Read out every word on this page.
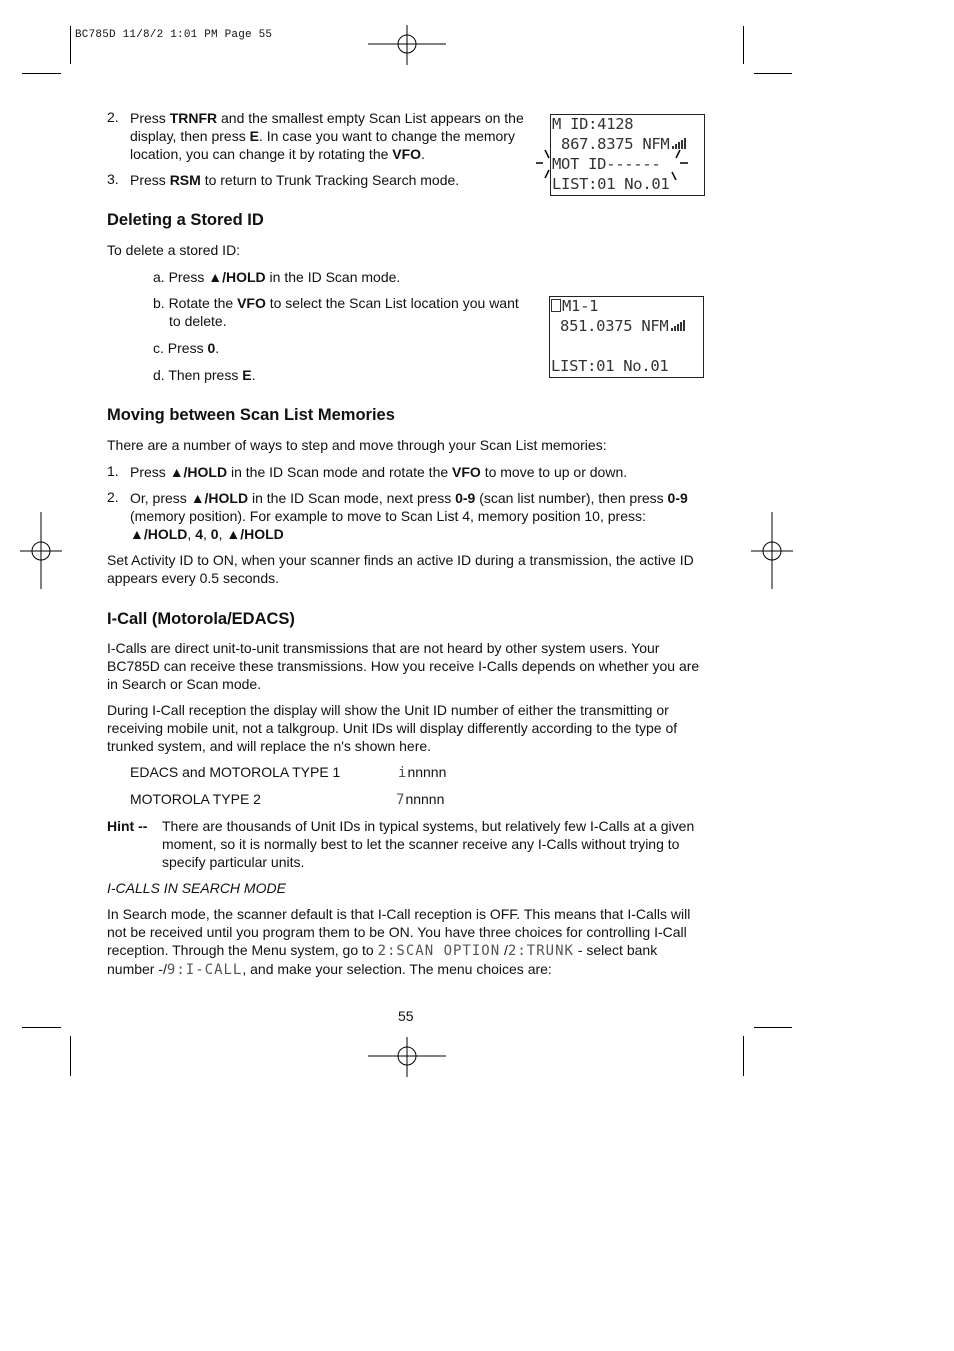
BC785D 11/8/2 1:01 PM Page 55
2. Press TRNFR and the smallest empty Scan List appears on the display, then press E. In case you want to change the memory location, you can change it by rotating the VFO.
3. Press RSM to return to Trunk Tracking Search mode.
M ID:4128
867.8375 NFM
MOT ID------
LIST:01 No.01
Deleting a Stored ID
To delete a stored ID:
a. Press ▲/HOLD in the ID Scan mode.
b. Rotate the VFO to select the Scan List location you want to delete.
c. Press 0.
d. Then press E.
M1-1
851.0375 NFM
LIST:01 No.01
Moving between Scan List Memories
There are a number of ways to step and move through your Scan List memories:
1. Press ▲/HOLD in the ID Scan mode and rotate the VFO to move to up or down.
2. Or, press ▲/HOLD in the ID Scan mode, next press 0-9 (scan list number), then press 0-9 (memory position). For example to move to Scan List 4, memory position 10, press: ▲/HOLD, 4, 0, ▲/HOLD
Set Activity ID to ON, when your scanner finds an active ID during a transmission, the active ID appears every 0.5 seconds.
I-Call (Motorola/EDACS)
I-Calls are direct unit-to-unit transmissions that are not heard by other system users. Your BC785D can receive these transmissions. How you receive I-Calls depends on whether you are in Search or Scan mode.
During I-Call reception the display will show the Unit ID number of either the transmitting or receiving mobile unit, not a talkgroup. Unit IDs will display differently according to the type of trunked system, and will replace the n's shown here.
EDACS and MOTOROLA TYPE 1	innnnn
MOTOROLA TYPE 2	7nnnnn
Hint -- There are thousands of Unit IDs in typical systems, but relatively few I-Calls at a given moment, so it is normally best to let the scanner receive any I-Calls without trying to specify particular units.
I-CALLS IN SEARCH MODE
In Search mode, the scanner default is that I-Call reception is OFF. This means that I-Calls will not be received until you program them to be ON. You have three choices for controlling I-Call reception. Through the Menu system, go to 2:SCAN OPTION /2:TRUNK - select bank number -/9:I-CALL, and make your selection. The menu choices are:
55
